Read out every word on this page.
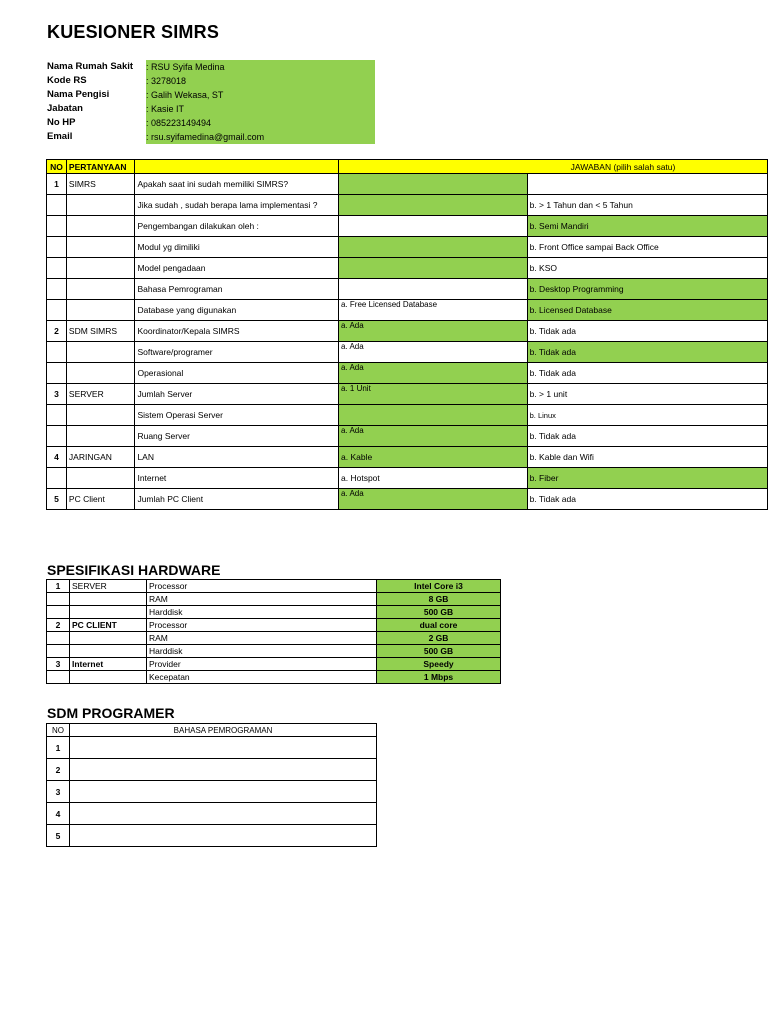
KUESIONER SIMRS
Nama Rumah Sakit : RSU Syifa Medina
Kode RS	: 3278018
Nama Pengisi	: Galih Wekasa, ST
Jabatan	: Kasie IT
No HP	: 085223149494
Email	: rsu.syifamedina@gmail.com
NO	PERTANYAAN		JAWABAN (pilih salah satu)	
1	SIMRS	Apakah saat ini sudah memiliki SIMRS?		
		Jika sudah , sudah berapa lama implementasi ?		b. > 1 Tahun dan < 5 Tahun
		Pengembangan dilakukan oleh :		b. Semi Mandiri
		Modul yg dimiliki		b. Front Office sampai Back Office
		Model pengadaan		b. KSO
		Bahasa Pemrograman		b. Desktop Programming
		Database yang digunakan	a. Free Licensed Database	b. Licensed Database
2	SDM SIMRS	Koordinator/Kepala SIMRS	a. Ada	b. Tidak ada
		Software/programer	a. Ada	b. Tidak ada
		Operasional	a. Ada	b. Tidak ada
3	SERVER	Jumlah Server	a. 1 Unit	b. > 1 unit
		Sistem Operasi Server		b. Linux
		Ruang Server	a. Ada	b. Tidak ada
4	JARINGAN	LAN	a. Kable	b. Kable dan Wifi
		Internet	a. Hotspot	b. Fiber
5	PC Client	Jumlah PC Client	a. Ada	b. Tidak ada
SPESIFIKASI HARDWARE
1	SERVER	Processor	Intel Core i3
		RAM	8 GB
		Harddisk	500 GB
2	PC CLIENT	Processor	dual core
		RAM	2 GB
		Harddisk	500 GB
3	Internet	Provider	Speedy
		Kecepatan	1 Mbps
SDM PROGRAMER
NO	BAHASA PEMROGRAMAN
1	
2	
3	
4	
5	
